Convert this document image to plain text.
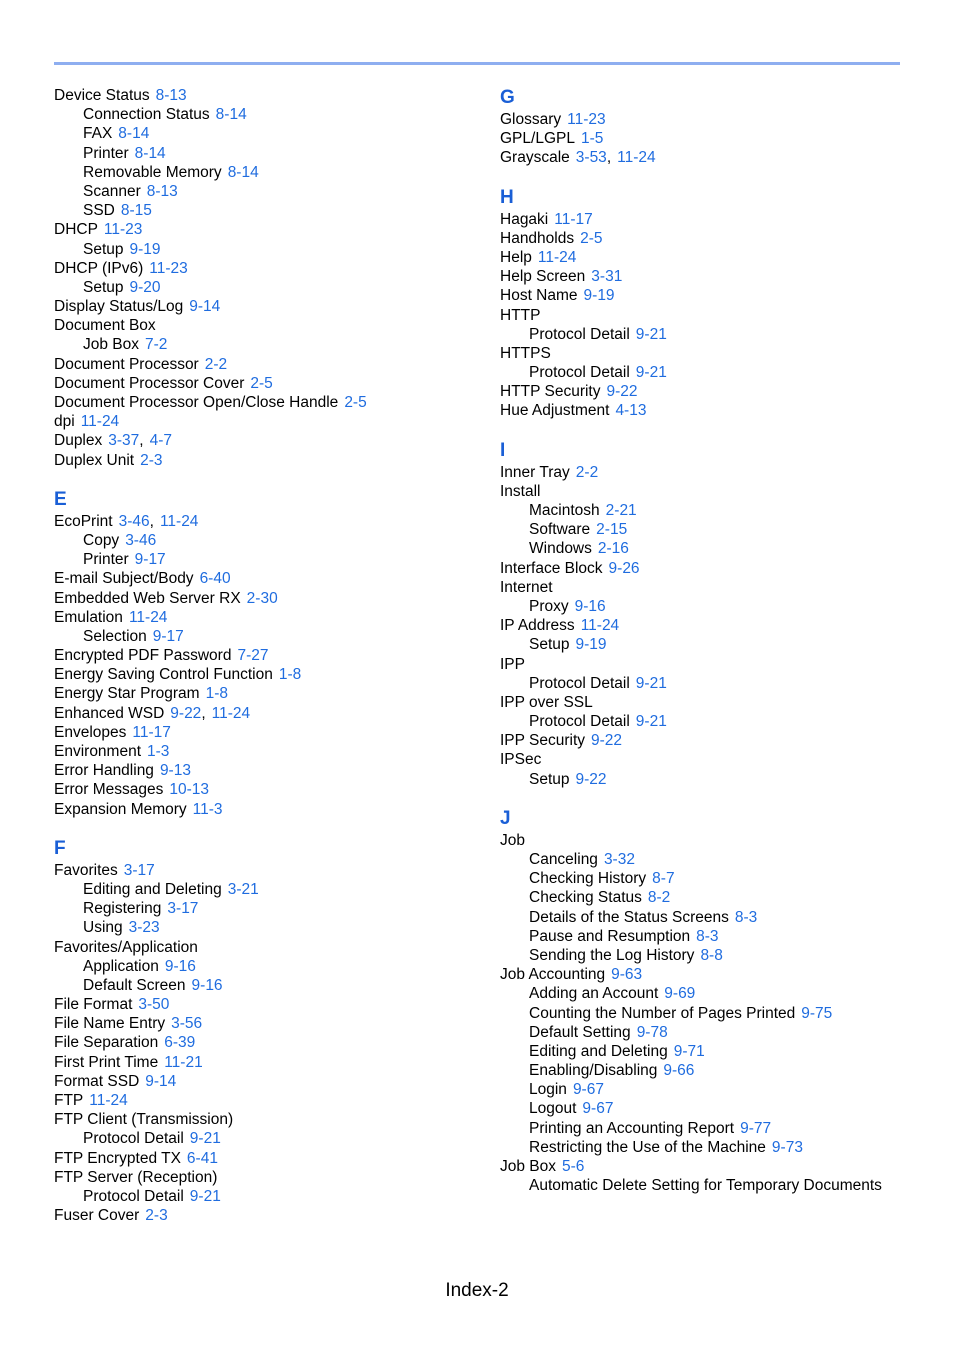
Device Status 8-13
Connection Status 8-14
FAX 8-14
Printer 8-14
Removable Memory 8-14
Scanner 8-13
SSD 8-15
DHCP 11-23
Setup 9-19
DHCP (IPv6) 11-23
Setup 9-20
Display Status/Log 9-14
Document Box
Job Box 7-2
Document Processor 2-2
Document Processor Cover 2-5
Document Processor Open/Close Handle 2-5
dpi 11-24
Duplex 3-37, 4-7
Duplex Unit 2-3
E
EcoPrint 3-46, 11-24
Copy 3-46
Printer 9-17
E-mail Subject/Body 6-40
Embedded Web Server RX 2-30
Emulation 11-24
Selection 9-17
Encrypted PDF Password 7-27
Energy Saving Control Function 1-8
Energy Star Program 1-8
Enhanced WSD 9-22, 11-24
Envelopes 11-17
Environment 1-3
Error Handling 9-13
Error Messages 10-13
Expansion Memory 11-3
F
Favorites 3-17
Editing and Deleting 3-21
Registering 3-17
Using 3-23
Favorites/Application
Application 9-16
Default Screen 9-16
File Format 3-50
File Name Entry 3-56
File Separation 6-39
First Print Time 11-21
Format SSD 9-14
FTP 11-24
FTP Client (Transmission)
Protocol Detail 9-21
FTP Encrypted TX 6-41
FTP Server (Reception)
Protocol Detail 9-21
Fuser Cover 2-3
G
Glossary 11-23
GPL/LGPL 1-5
Grayscale 3-53, 11-24
H
Hagaki 11-17
Handholds 2-5
Help 11-24
Help Screen 3-31
Host Name 9-19
HTTP
Protocol Detail 9-21
HTTPS
Protocol Detail 9-21
HTTP Security 9-22
Hue Adjustment 4-13
I
Inner Tray 2-2
Install
Macintosh 2-21
Software 2-15
Windows 2-16
Interface Block 9-26
Internet
Proxy 9-16
IP Address 11-24
Setup 9-19
IPP
Protocol Detail 9-21
IPP over SSL
Protocol Detail 9-21
IPP Security 9-22
IPSec
Setup 9-22
J
Job
Canceling 3-32
Checking History 8-7
Checking Status 8-2
Details of the Status Screens 8-3
Pause and Resumption 8-3
Sending the Log History 8-8
Job Accounting 9-63
Adding an Account 9-69
Counting the Number of Pages Printed 9-75
Default Setting 9-78
Editing and Deleting 9-71
Enabling/Disabling 9-66
Login 9-67
Logout 9-67
Printing an Accounting Report 9-77
Restricting the Use of the Machine 9-73
Job Box 5-6
Automatic Delete Setting for Temporary Documents
Index-2
